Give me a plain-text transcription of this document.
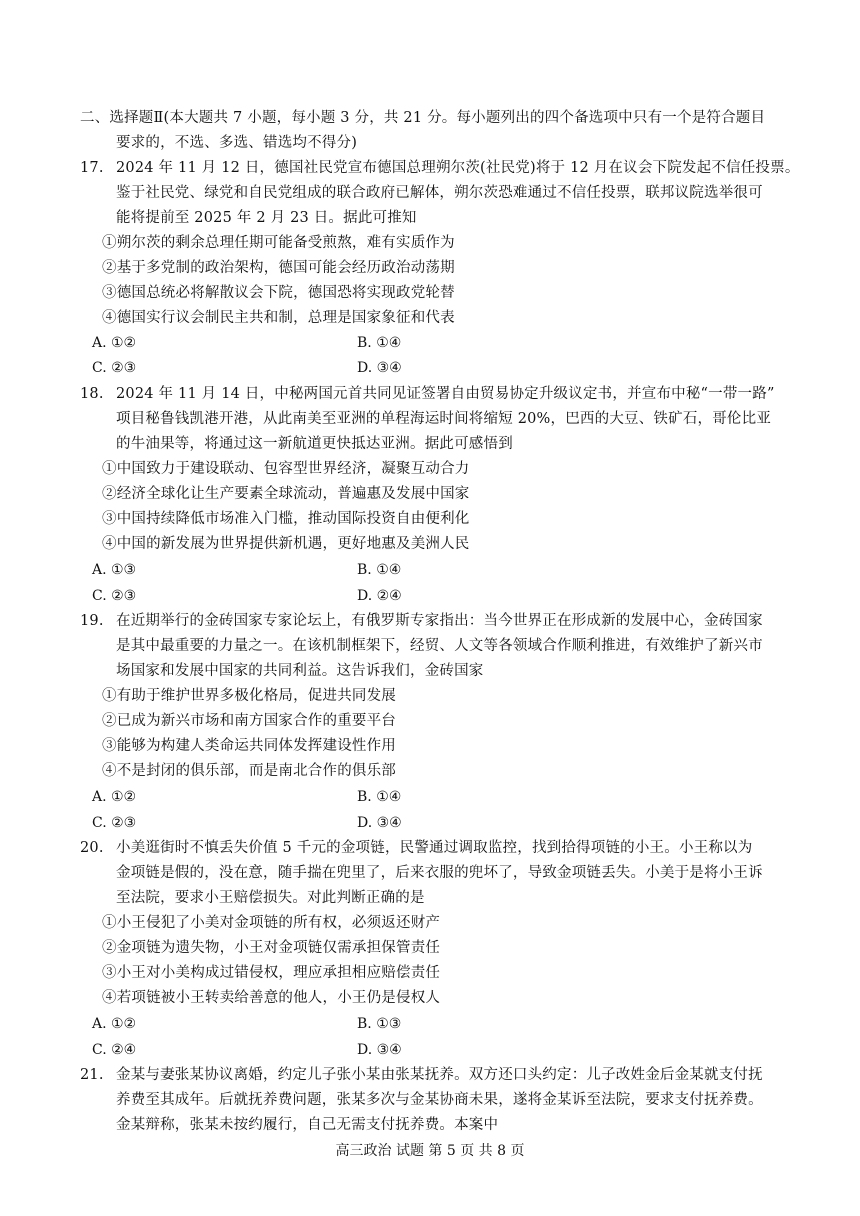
二、选择题Ⅱ(本大题共 7 小题，每小题 3 分，共 21 分。每小题列出的四个备选项中只有一个是符合题目
要求的，不选、多选、错选均不得分)
17. 2024 年 11 月 12 日，德国社民党宣布德国总理朔尔茨(社民党)将于 12 月在议会下院发起不信任投票。
鉴于社民党、绿党和自民党组成的联合政府已解体，朔尔茨恐难通过不信任投票，联邦议院选举很可
能将提前至 2025 年 2 月 23 日。据此可推知
①朔尔茨的剩余总理任期可能备受煎熬，难有实质作为
②基于多党制的政治架构，德国可能会经历政治动荡期
③德国总统必将解散议会下院，德国恐将实现政党轮替
④德国实行议会制民主共和制，总理是国家象征和代表
A. ①②	B. ①④
C. ②③	D. ③④
18. 2024 年 11 月 14 日，中秘两国元首共同见证签署自由贸易协定升级议定书，并宣布中秘“一带一路”
项目秘鲁钱凯港开港，从此南美至亚洲的单程海运时间将缩短 20%，巴西的大豆、铁矿石，哥伦比亚
的牛油果等，将通过这一新航道更快抵达亚洲。据此可感悟到
①中国致力于建设联动、包容型世界经济，凝聚互动合力
②经济全球化让生产要素全球流动，普遍惠及发展中国家
③中国持续降低市场准入门槛，推动国际投资自由便利化
④中国的新发展为世界提供新机遇，更好地惠及美洲人民
A. ①③	B. ①④
C. ②③	D. ②④
19. 在近期举行的金砖国家专家论坛上，有俄罗斯专家指出：当今世界正在形成新的发展中心，金砖国家
是其中最重要的力量之一。在该机制框架下，经贸、人文等各领域合作顺利推进，有效维护了新兴市
场国家和发展中国家的共同利益。这告诉我们，金砖国家
①有助于维护世界多极化格局，促进共同发展
②已成为新兴市场和南方国家合作的重要平台
③能够为构建人类命运共同体发挥建设性作用
④不是封闭的俱乐部，而是南北合作的俱乐部
A. ①②	B. ①④
C. ②③	D. ③④
20. 小美逛街时不慎丢失价值 5 千元的金项链，民警通过调取监控，找到拾得项链的小王。小王称以为
金项链是假的，没在意，随手揣在兜里了，后来衣服的兜坏了，导致金项链丢失。小美于是将小王诉
至法院，要求小王赔偿损失。对此判断正确的是
①小王侵犯了小美对金项链的所有权，必须返还财产
②金项链为遗失物，小王对金项链仅需承担保管责任
③小王对小美构成过错侵权，理应承担相应赔偿责任
④若项链被小王转卖给善意的他人，小王仍是侵权人
A. ①②	B. ①③
C. ②④	D. ③④
21. 金某与妻张某协议离婚，约定儿子张小某由张某抚养。双方还口头约定：儿子改姓金后金某就支付抚
养费至其成年。后就抚养费问题，张某多次与金某协商未果，遂将金某诉至法院，要求支付抚养费。
金某辩称，张某未按约履行，自己无需支付抚养费。本案中
高三政治 试题 第 5 页 共 8 页
